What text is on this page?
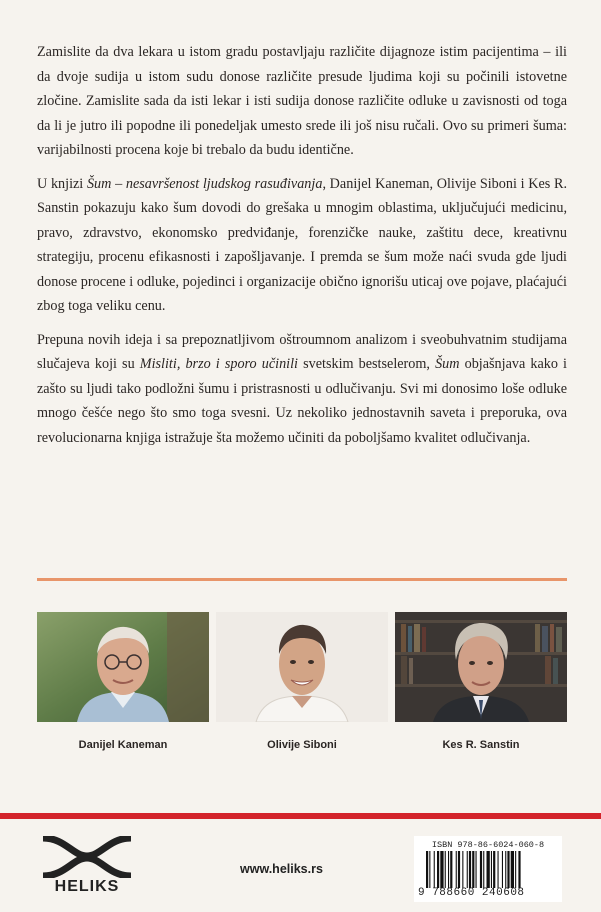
Zamislite da dva lekara u istom gradu postavljaju različite dijagnoze istim pacijentima – ili da dvoje sudija u istom sudu donose različite presude ljudima koji su počinili istovetne zločine. Zamislite sada da isti lekar i isti sudija donose različite odluke u zavisnosti od toga da li je jutro ili popodne ili ponedeljak umesto srede ili još nisu ručali. Ovo su primeri šuma: varijabilnosti procena koje bi trebalo da budu identične.

U knjizi Šum – nesavršenost ljudskog rasuđivanja, Danijel Kaneman, Olivije Siboni i Kes R. Sanstin pokazuju kako šum dovodi do grešaka u mnogim oblastima, uključujući medicinu, pravo, zdravstvo, ekonomsko predviđanje, forenzičke nauke, zaštitu dece, kreativnu strategiju, procenu efikasnosti i zapošljavanje. I premda se šum može naći svuda gde ljudi donose procene i odluke, pojedinci i organizacije obično ignorišu uticaj ove pojave, plaćajući zbog toga veliku cenu.

Prepuna novih ideja i sa prepoznatljivom oštroumnom analizom i sveobuhvatnim studijama slučajeva koji su Misliti, brzo i sporo učinili svetskim bestselerom, Šum objašnjava kako i zašto su ljudi tako podložni šumu i pristrasnosti u odlučivanju. Svi mi donosimo loše odluke mnogo češće nego što smo toga svesni. Uz nekoliko jednostavnih saveta i preporuka, ova revolucionarna knjiga istražuje šta možemo učiniti da poboljšamo kvalitet odlučivanja.

Danijel Kaneman	Olivije Siboni	Kes R. Sanstin
HELIKS
www.heliks.rs
ISBN 978-86-6024-060-8
9 788660 240608
